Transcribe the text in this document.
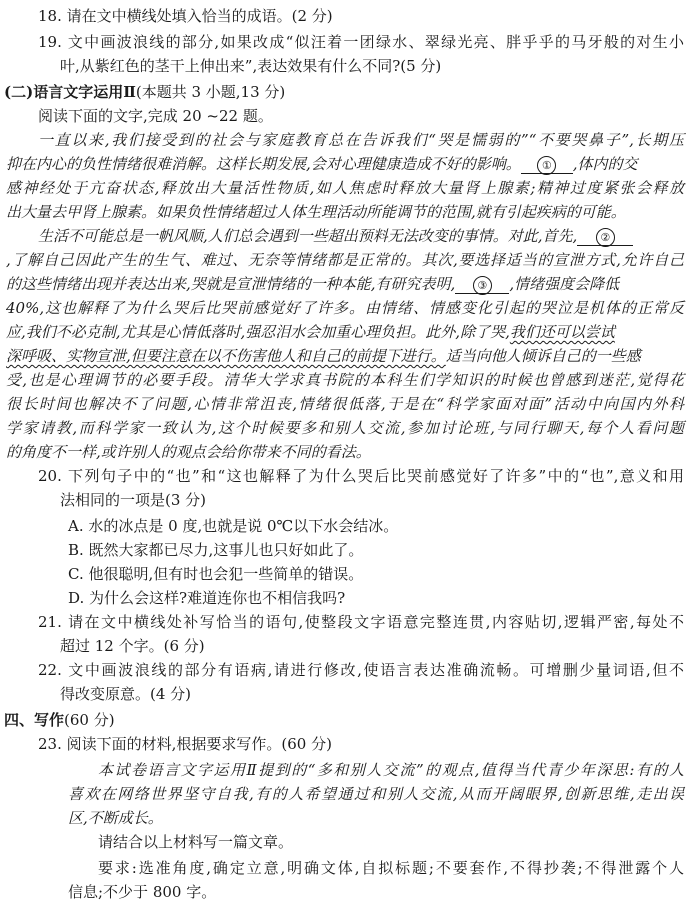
18. 请在文中横线处填入恰当的成语。(2 分)
19. 文中画波浪线的部分,如果改成“似汪着一团绿水、翠绿光亮、胖乎乎的马牙般的对生小
叶,从紫红色的茎干上伸出来”,表达效果有什么不同?(5 分)
(二)语言文字运用Ⅱ(本题共 3 小题,13 分)
阅读下面的文字,完成 20 ~22 题。
一直以来,我们接受到的社会与家庭教育总在告诉我们“哭是懦弱的”“不要哭鼻子”,长期压
抑在内心的负性情绪很难消解。这样长期发展,会对心理健康造成不好的影响。 ① ,体内的交
感神经处于亢奋状态,释放出大量活性物质,如人焦虑时释放大量肾上腺素;精神过度紧张会释放
出大量去甲肾上腺素。如果负性情绪超过人体生理活动所能调节的范围,就有引起疾病的可能。
生活不可能总是一帆风顺,人们总会遇到一些超出预料无法改变的事情。对此,首先, ②
,了解自己因此产生的生气、难过、无奈等情绪都是正常的。其次,要选择适当的宣泄方式,允许自己
的这些情绪出现并表达出来,哭就是宣泄情绪的一种本能,有研究表明, ③ ,情绪强度会降低
40%,这也解释了为什么哭后比哭前感觉好了许多。由情绪、情感变化引起的哭泣是机体的正常反
应,我们不必克制,尤其是心情低落时,强忍泪水会加重心理负担。此外,除了哭,我们还可以尝试
深呼吸、实物宣泄,但要注意在以不伤害他人和自己的前提下进行。适当向他人倾诉自己的一些感
受,也是心理调节的必要手段。清华大学求真书院的本科生们学知识的时候也曾感到迷茫,觉得花
很长时间也解决不了问题,心情非常沮丧,情绪很低落,于是在“科学家面对面”活动中向国内外科
学家请教,而科学家一致认为,这个时候要多和别人交流,参加讨论班,与同行聊天,每个人看问题
的角度不一样,或许别人的观点会给你带来不同的看法。
20. 下列句子中的“也”和“这也解释了为什么哭后比哭前感觉好了许多”中的“也”,意义和用
法相同的一项是(3 分)
A. 水的冰点是 0 度,也就是说 0℃以下水会结冰。
B. 既然大家都已尽力,这事儿也只好如此了。
C. 他很聪明,但有时也会犯一些简单的错误。
D. 为什么会这样?难道连你也不相信我吗?
21. 请在文中横线处补写恰当的语句,使整段文字语意完整连贯,内容贴切,逻辑严密,每处不
超过 12 个字。(6 分)
22. 文中画波浪线的部分有语病,请进行修改,使语言表达准确流畅。可增删少量词语,但不
得改变原意。(4 分)
四、写作(60 分)
23. 阅读下面的材料,根据要求写作。(60 分)
本试卷语言文字运用Ⅱ提到的“多和别人交流”的观点,值得当代青少年深思:有的人
喜欢在网络世界坚守自我,有的人希望通过和别人交流,从而开阔眼界,创新思维,走出误
区,不断成长。
请结合以上材料写一篇文章。
要求:选准角度,确定立意,明确文体,自拟标题;不要套作,不得抄袭;不得泄露个人
信息;不少于 800 字。
